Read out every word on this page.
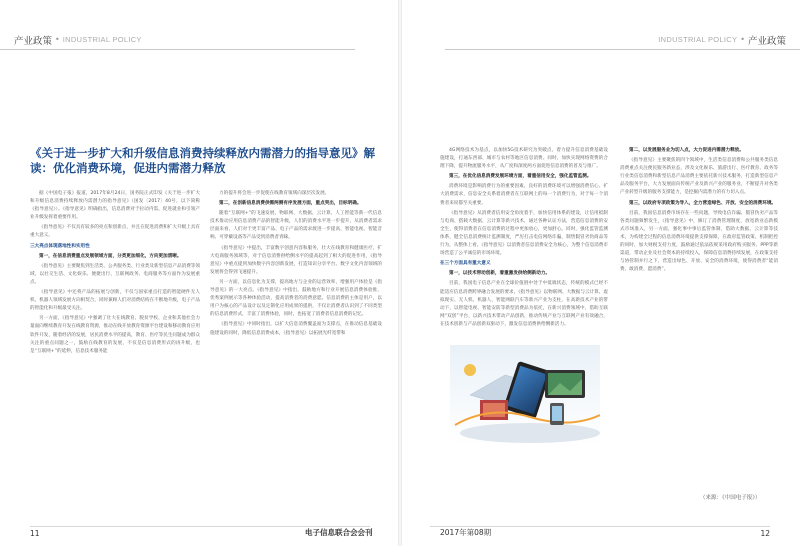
产业政策 • INDUSTRIAL POLICY	INDUSTRIAL POLICY • 产业政策
《关于进一步扩大和升级信息消费持续释放内需潜力的指导意见》解读：优化消费环境，促进内需潜力释放

据《中国电子报》报道，2017年8月24日，国务院正式印发《关于进一步扩大和升级信息消费持续释放内需潜力的指导意见》（国发〔2017〕40号，以下简称《指导意见》）。《指导意见》明确指出，信息消费对于拉动内需、促进就业和引领产业升级发挥着重要作用。

《指导意见》不仅具有较多的亮点和创新点，并且在促进消费和扩大升级上具有重大意义。

三大亮点体现落地性和实用性

第一，在信息消费重点发展领域方面，分类更加细化，方向更加清晰。

《指导意见》主要聚焦到生活类、公共服务类、行业类及新型信息产品消费等领域，以社交生活、文化娱乐、便捷出行、互联网政务、电商服务等方面作为发展重点。

《指导意见》中还将产品的拓展与创新，不仅与国家重点打造的智能硬件无人机、机器人领域发展方向相契合，同时兼顾人们对消费结构在不断地升级，电子产品的智能化和升级最受关注。

另一方面，《指导意见》中强调了壮大在线教育、脱贫学校、企业和其他社会力量面向继续教育开发在线教育资源，推动在线开放教育资源平台建设和移动教育应用软件开发，随着经济的发展，居民消费水平的提高，教育、医疗等民生问题成为群众关注的重点问题之一，鼓励在线教育的发展，不仅是信息消费形式的再升级，也是“互联网+”的延伸，信息技术服务能

力的提升将会进一步促使在线教育领域向深层次发展。

第二，在创新信息消费供需两侧有序发展方面，重点突出，目标明确。

随着“互联网+”的飞速发展，物联网、大数据、云计算、人工智能等新一代信息技术推动应用信息消费产品的智能升级，人们的消费水平进一步提升，从消费者需求层面来看，人们对于更丰富产品、电子产品的需求渡进一步提高，智能电视、智能音响、可穿戴设备等产品受到消费者青睐。

《指导意见》中提出，丰富数字创意内容和服务，壮大在线教育和健康医疗，扩大电商服务领域等，对于信息消费供给侧水平的提高起到了相大的促进作用，《指导意见》中重点提到加快数字内容创新发展，打造知识分享平台、数字文化内容领域的发展将会得到飞速提升。

另一方面，以信息化为支撑，提高地方与企业的运营效率，增强用户体验是《指导意见》的一大亮点。《指导意见》中指出，鼓励地方和行业开展信息消费体验推，优秀案例展示等各种体验活动，提高消费者的消费意愿。信息消费的主体是用户，以用户为核心的产品设计以及定制化应用成果的提供，不仅让消费者认识到了不同类型的信息消费形式，丰富了消费体验，同时，也拓宽了消费者信息消费的记忆。

《指导意见》中同时指出，以扩大信息消费覆盖面为支撑点，在推动信息基础设施建设的同时，降低信息消费成本，《指导意见》以拓展光纤宽带和

4G网络技术为基点，以加快5G技术研究为突破点，着力提升信息消费基础设施建设，打通东西部、城市与农村等地区信息消费。同时，加快实现网络资费的合理下降，提升物流服务水平，从广度和深度两方面促进信息消费的普及与推广。

第三，在优化信息消费发展环境方面，着重信用安全，强化监管监测。

消费环境是影响消费行为的重要因素，良好的消费环境可以增强消费信心、扩大消费需求，信息安全关系着消费者在互联网上的每一个消费行为，对于每一个消费者来说都至关重要。

《指导意见》从消费者信用安全角度着手，加快信用体系的建设，让信用抵制与电商、搭载大数据、云计算等新兴技术，通过各种认证方法，营造信息消费的安全生，使得消费者在信息消费的过程中更加放心，更加舒心。同时，强化监管监测体系，健全信息消费统计监测制度，严厉打击电信网络诈骗，制售假冒劣伪商品等行为，从整体上看，《指导意见》以消费者信息消费安全为核心，为整个信息消费市场营造了公平诚信的市场环境。

在三个方面具有重大意义

第一，以技术带动创新，着重激发供给侧新动力。

目前，我国电子信息产业在全球价值链中处于中低端状态，传统的模式已经不能适应信息消费跨界融合发展的要求，《指导意见》以物联网、大数据与云计算、虚拟现实、无人机、机器人、智能网联汽车等新兴产业为支柱，在高新技术产业的带动下，以智能电视、智能安防等新型消费品为依托，在新兴消费领域中，借助互联网“双创”平台，以新兴技术带动产品创新，推动传统产业与互联网产业有效融合，在技术创新与产品创新双驱动下，激发信息消费供给侧新活力。

第二，以发展服务业为切入点，大力促进内需潜力释放。

《指导意见》主要聚焦的四个领域中，生活类信息消费和公共服务类信息消费重点关注便民服务新业态，涉及文化娱乐、旅游出行、医疗教育、政务等行业类信息消费和新型信息产品消费主要依托新兴技术服务，打造新型信息产品及服务平台，大力发展面向传统产业及新兴产业的服务业，不断提升对各类产业转型升级的服务支撑能力，是挖掘内需潜力的有力切入点。

第三，以政府专项政策为导入，全力营造绿色、开放、安全的消费环境。

目前，我国信息消费市场存在一些问题，导致电信诈骗、假冒伪劣产品等各类问题频繁发生，《指导意见》中，修订了消费管理制度，放宽新业态新模式市场准入，另一方面，强化事中事后监管体制，借助大数据、云计算等技术，为构建全过程的信息消费环境提供支撑保障，在政府监管政策、机制把控的同时，加大财税支持力度，鼓励通过依法依规采用政府购买服务、PPP等新渠道，带动企业及社会资本的持续投入，保障信息消费持续发展，在政策支持与协管制并行之下，营造出绿色、开放、安全的消费环境，使得消费者“能消费、敢消费、愿消费”。

（来源：《中国电子报》）
11	电子信息联合会会刊	2017年第08期	12
